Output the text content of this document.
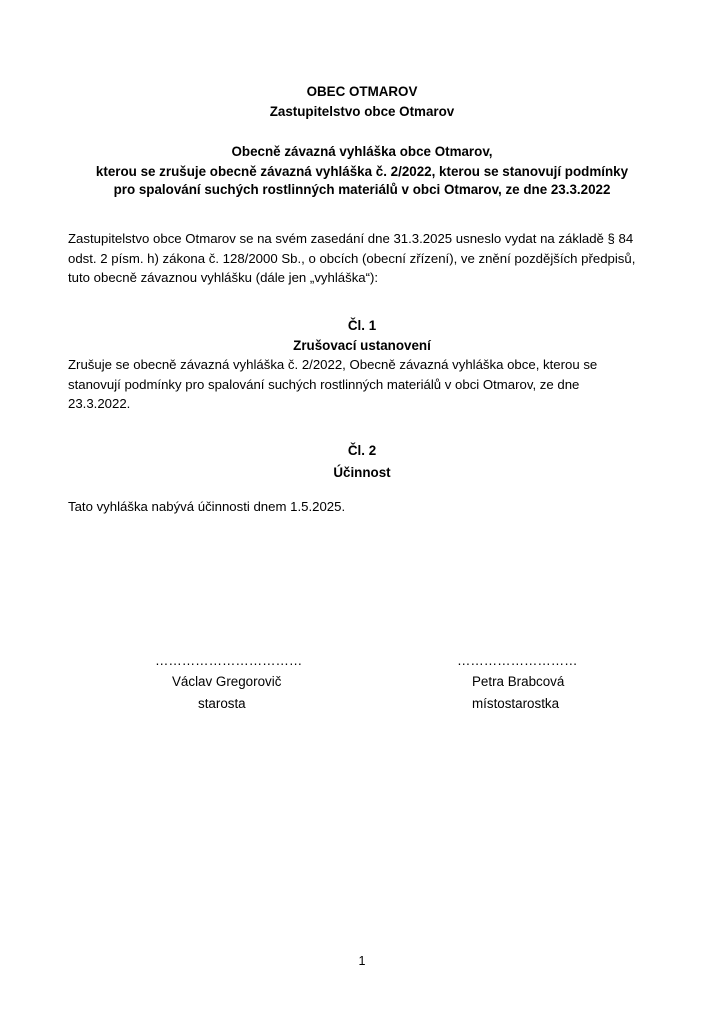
OBEC OTMAROV
Zastupitelstvo obce Otmarov
Obecně závazná vyhláška obce Otmarov,
kterou se zrušuje obecně závazná vyhláška č. 2/2022, kterou se stanovují podmínky
pro spalování suchých rostlinných materiálů v obci Otmarov, ze dne 23.3.2022
Zastupitelstvo obce Otmarov se na svém zasedání dne 31.3.2025 usneslo vydat na základě § 84
odst. 2 písm. h) zákona č. 128/2000 Sb., o obcích (obecní zřízení), ve znění pozdějších předpisů,
tuto obecně závaznou vyhlášku (dále jen „vyhláška“):
Čl. 1
Zrušovací ustanovení
Zrušuje se obecně závazná vyhláška č. 2/2022, Obecně závazná vyhláška obce, kterou se
stanovují podmínky pro spalování suchých rostlinných materiálů v obci Otmarov, ze dne
23.3.2022.
Čl. 2
Účinnost
Tato vyhláška nabývá účinnosti dnem 1.5.2025.
……………………………
Václav Gregorovič
starosta
………………………
Petra Brabcová
místostarostka
1
